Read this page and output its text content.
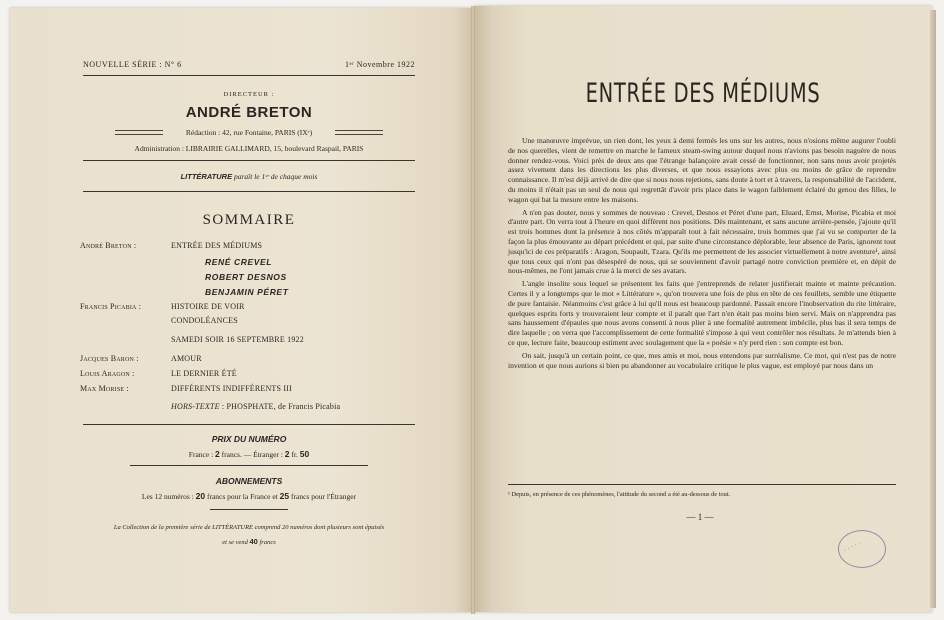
NOUVELLE SÉRIE : N° 6	1ᵉʳ Novembre 1922
DIRECTEUR :
ANDRÉ BRETON
Rédaction : 42, rue Fontaine, PARIS (IXᵉ)
Administration : LIBRAIRIE GALLIMARD, 15, boulevard Raspail, PARIS
LITTÉRATURE paraît le 1ᵉʳ de chaque mois
SOMMAIRE
André Breton :	ENTRÉE DES MÉDIUMS
RENÉ CREVEL
ROBERT DESNOS
BENJAMIN PÉRET
Francis Picabia :	HISTOIRE DE VOIR
CONDOLÉANCES
SAMEDI SOIR 16 SEPTEMBRE 1922
Jacques Baron :	AMOUR
Louis Aragon :	LE DERNIER ÉTÉ
Max Morise :	DIFFÉRENTS INDIFFÉRENTS III
HORS-TEXTE : PHOSPHATE, de Francis Picabia
PRIX DU NUMÉRO
France : 2 francs. — Étranger : 2 fr. 50
ABONNEMENTS
Les 12 numéros : 20 francs pour la France et 25 francs pour l'Étranger
La Collection de la première série de LITTÉRATURE comprend 20 numéros dont plusieurs sont épuisés
et se vend 40 francs
ENTRÉE DES MÉDIUMS

Une manœuvre imprévue, un rien dont, les yeux à demi fermés les uns sur les autres, nous n'osions même augurer l'oubli de nos querelles, vient de remettre en marche le fameux steam-swing autour duquel nous n'avions pas besoin naguère de nous donner rendez-vous. Voici près de deux ans que l'étrange balançoire avait cessé de fonctionner, non sans nous avoir projetés assez vivement dans les directions les plus diverses, et que nous essayions avec plus ou moins de grâce de reprendre connaissance. Il m'est déjà arrivé de dire que si nous nous rejetions, sans doute à tort et à travers, la responsabilité de l'accident, du moins il n'était pas un seul de nous qui regrettât d'avoir pris place dans le wagon faiblement éclairé du genou des filles, le wagon qui bat la mesure entre les maisons.

A n'en pas douter, nous y sommes de nouveau : Crevel, Desnos et Péret d'une part, Eluard, Ernst, Morise, Picabia et moi d'autre part. On verra tout à l'heure en quoi diffèrent nos positions. Dès maintenant, et sans aucune arrière-pensée, j'ajoute qu'il est trois hommes dont la présence à nos côtés m'apparaît tout à fait nécessaire, trois hommes que j'ai vu se comporter de la façon la plus émouvante au départ précédent et qui, par suite d'une circonstance déplorable, leur absence de Paris, ignorent tout jusqu'ici de ces préparatifs : Aragon, Soupault, Tzara. Qu'ils me permettent de les associer virtuellement à notre aventure¹, ainsi que tous ceux qui n'ont pas désespéré de nous, qui se souviennent d'avoir partagé notre conviction première et, en dépit de nous-mêmes, ne l'ont jamais crue à la merci de ses avatars.

L'angle insolite sous lequel se présentent les faits que j'entreprends de relater justifierait mainte et mainte précaution. Certes il y a longtemps que le mot « Littérature », qu'on trouvera une fois de plus en tête de ces feuillets, semble une étiquette de pure fantaisie. Néanmoins c'est grâce à lui qu'il nous est beaucoup pardonné. Passait encore l'inobservation du rite littéraire, quelques esprits forts y trouveraient leur compte et il paraît que l'art n'en était pas moins bien servi. Mais on n'apprendra pas sans haussement d'épaules que nous avons consenti à nous plier à une formalité autrement imbécile, plus bas il sera temps de dire laquelle ; on verra que l'accomplissement de cette formalité s'impose à qui veut contrôler nos résultats. Je m'attends bien à ce que, lecture faite, beaucoup estiment avec soulagement que la « poésie » n'y perd rien : son compte est bon.

On sait, jusqu'à un certain point, ce que, mes amis et moi, nous entendons par surréalisme. Ce mot, qui n'est pas de notre invention et que nous aurions si bien pu abandonner au vocabulaire critique le plus vague, est employé par nous dans un

¹ Depuis, en présence de ces phénomènes, l'attitude du second a été au-dessous de tout.
— 1 —
· · · · ·
